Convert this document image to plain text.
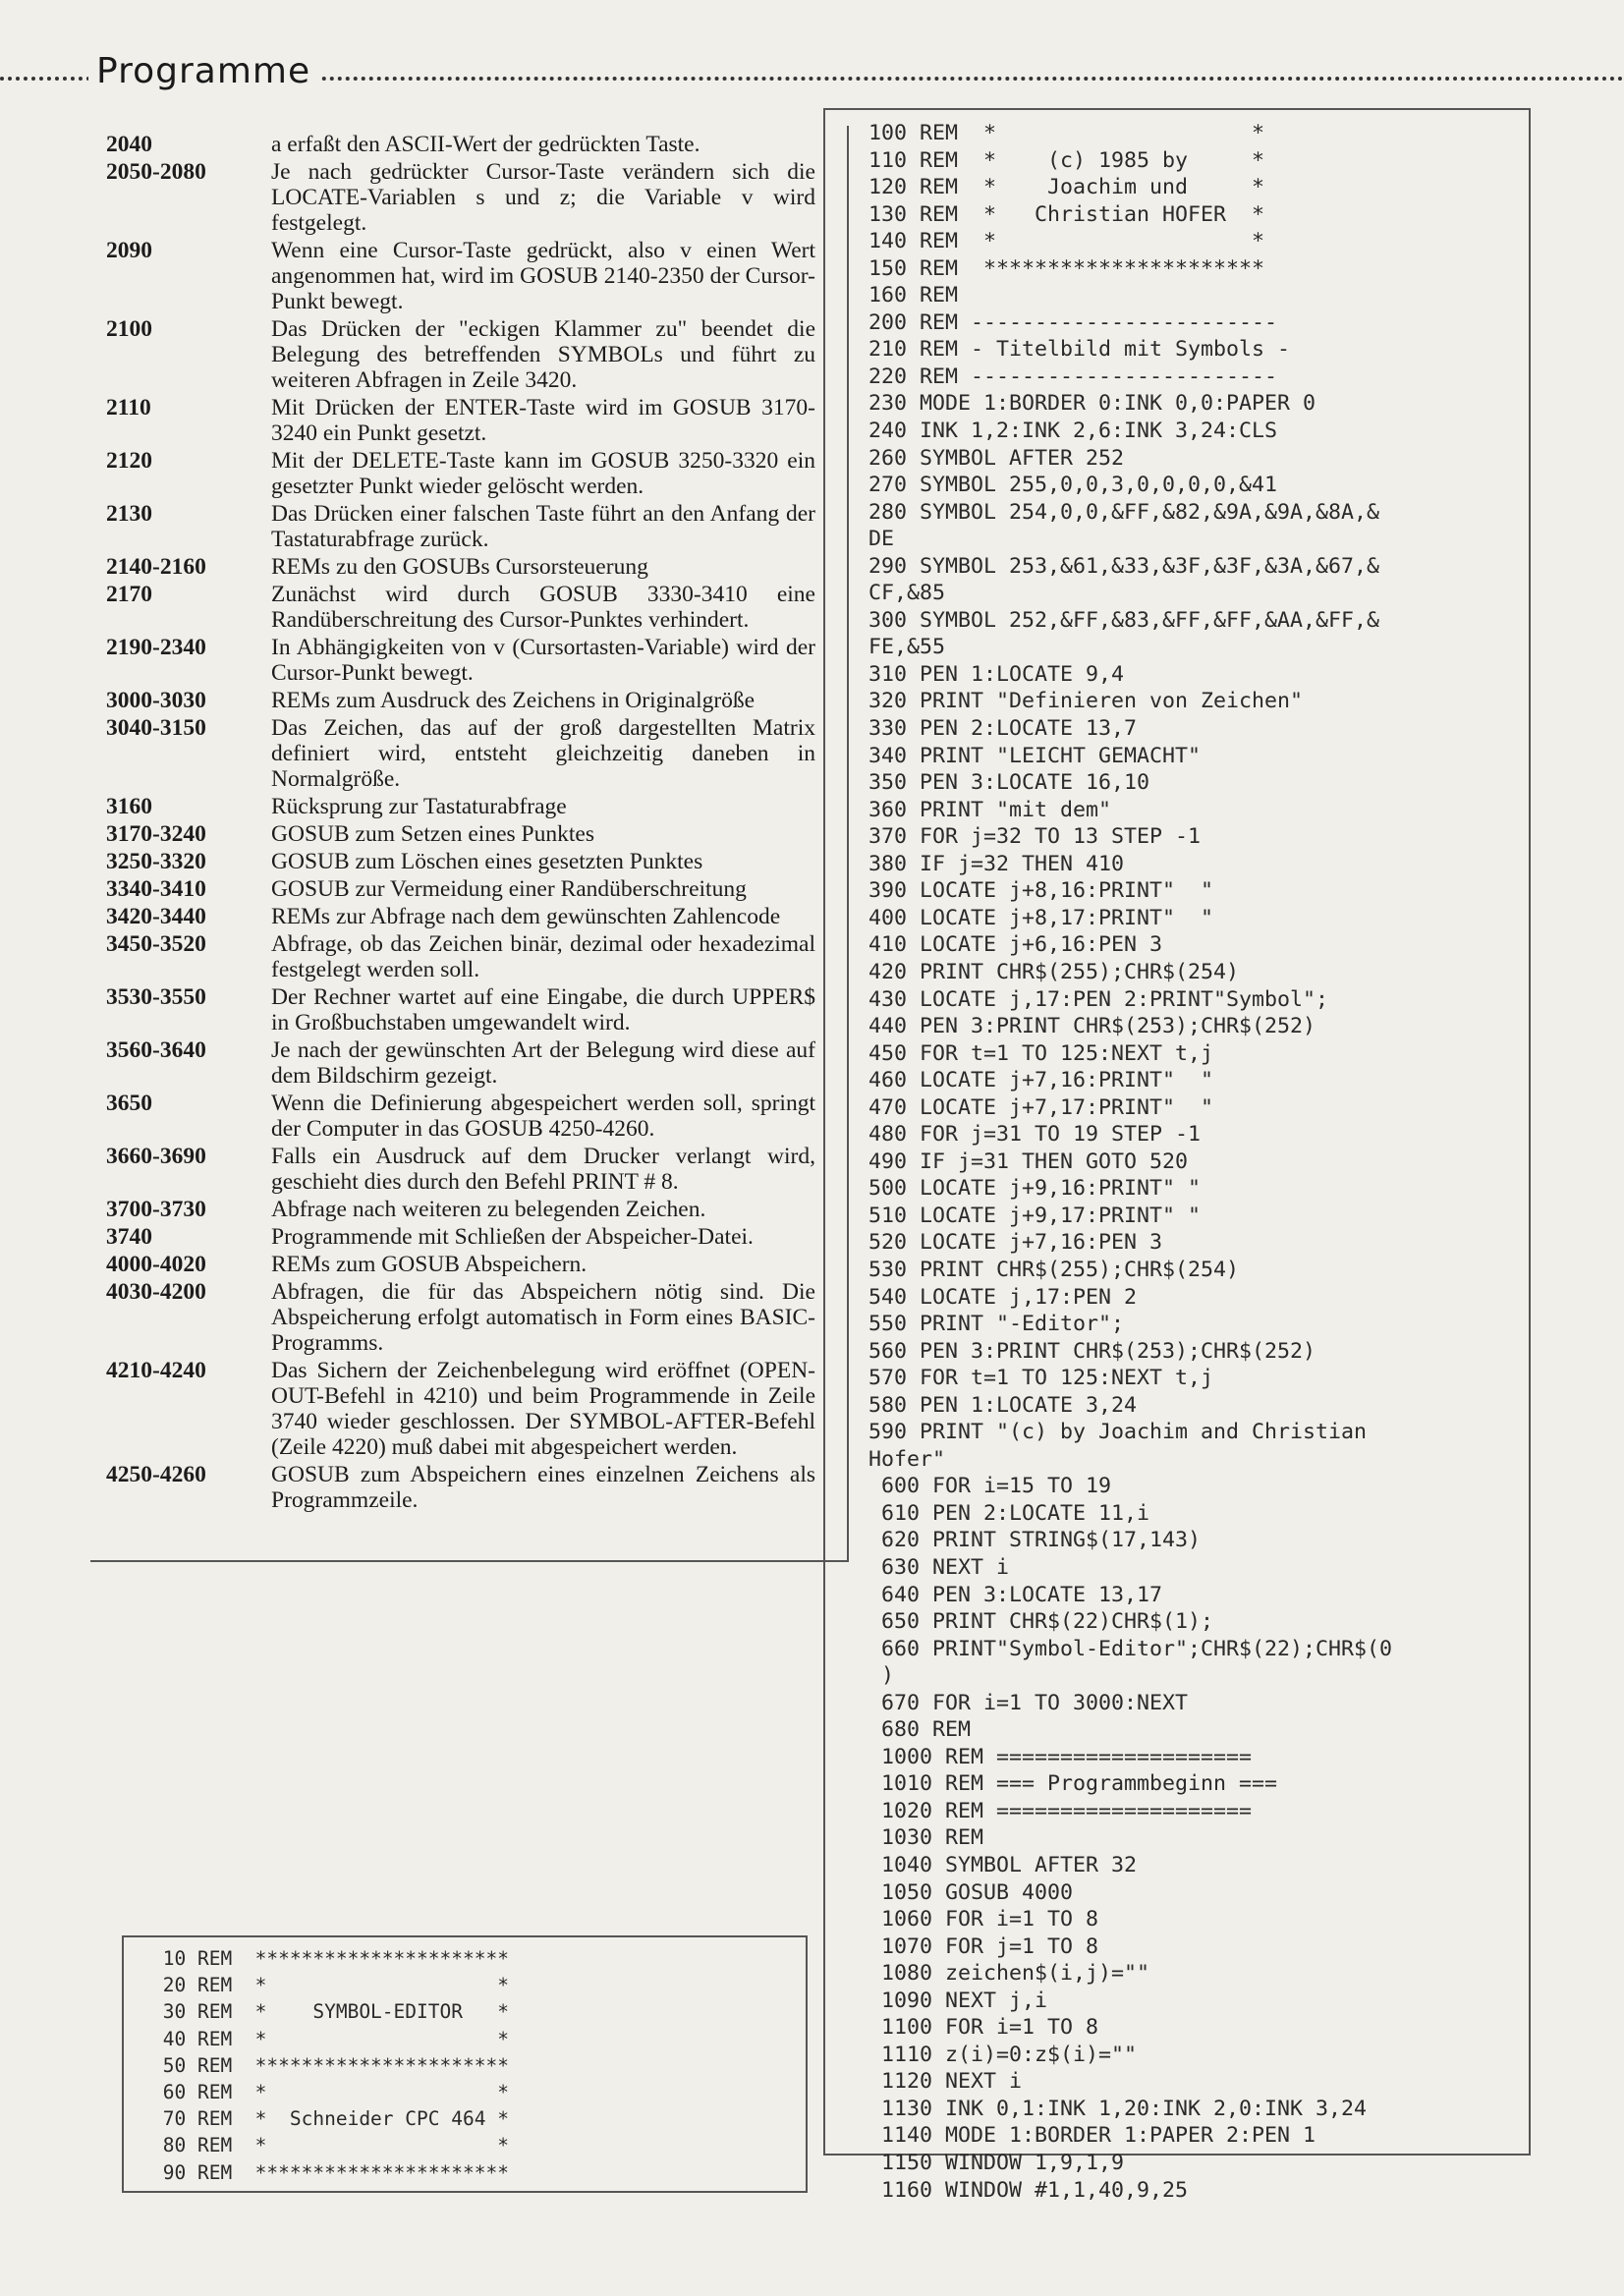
Programme
2040	a erfaßt den ASCII-Wert der gedrückten Taste.
2050-2080	Je nach gedrückter Cursor-Taste verändern sich die LOCATE-Variablen s und z; die Variable v wird festgelegt.
2090	Wenn eine Cursor-Taste gedrückt, also v einen Wert angenommen hat, wird im GOSUB 2140-2350 der Cursor-Punkt bewegt.
2100	Das Drücken der "eckigen Klammer zu" beendet die Belegung des betreffenden SYMBOLs und führt zu weiteren Abfragen in Zeile 3420.
2110	Mit Drücken der ENTER-Taste wird im GOSUB 3170-3240 ein Punkt gesetzt.
2120	Mit der DELETE-Taste kann im GOSUB 3250-3320 ein gesetzter Punkt wieder gelöscht werden.
2130	Das Drücken einer falschen Taste führt an den Anfang der Tastaturabfrage zurück.
2140-2160	REMs zu den GOSUBs Cursorsteuerung
2170	Zunächst wird durch GOSUB 3330-3410 eine Randüberschreitung des Cursor-Punktes verhindert.
2190-2340	In Abhängigkeiten von v (Cursortasten-Variable) wird der Cursor-Punkt bewegt.
3000-3030	REMs zum Ausdruck des Zeichens in Originalgröße
3040-3150	Das Zeichen, das auf der groß dargestellten Matrix definiert wird, entsteht gleichzeitig daneben in Normalgröße.
3160	Rücksprung zur Tastaturabfrage
3170-3240	GOSUB zum Setzen eines Punktes
3250-3320	GOSUB zum Löschen eines gesetzten Punktes
3340-3410	GOSUB zur Vermeidung einer Randüberschreitung
3420-3440	REMs zur Abfrage nach dem gewünschten Zahlencode
3450-3520	Abfrage, ob das Zeichen binär, dezimal oder hexadezimal festgelegt werden soll.
3530-3550	Der Rechner wartet auf eine Eingabe, die durch UPPER$ in Großbuchstaben umgewandelt wird.
3560-3640	Je nach der gewünschten Art der Belegung wird diese auf dem Bildschirm gezeigt.
3650	Wenn die Definierung abgespeichert werden soll, springt der Computer in das GOSUB 4250-4260.
3660-3690	Falls ein Ausdruck auf dem Drucker verlangt wird, geschieht dies durch den Befehl PRINT # 8.
3700-3730	Abfrage nach weiteren zu belegenden Zeichen.
3740	Programmende mit Schließen der Abspeicher-Datei.
4000-4020	REMs zum GOSUB Abspeichern.
4030-4200	Abfragen, die für das Abspeichern nötig sind. Die Abspeicherung erfolgt automatisch in Form eines BASIC-Programms.
4210-4240	Das Sichern der Zeichenbelegung wird eröffnet (OPEN-OUT-Befehl in 4210) und beim Programmende in Zeile 3740 wieder geschlossen. Der SYMBOL-AFTER-Befehl (Zeile 4220) muß dabei mit abgespeichert werden.
4250-4260	GOSUB zum Abspeichern eines einzelnen Zeichens als Programmzeile.
100 REM  *                    *
110 REM  *    (c) 1985 by     *
120 REM  *    Joachim und     *
130 REM  *   Christian HOFER  *
140 REM  *                    *
150 REM  **********************
160 REM
200 REM ------------------------
210 REM - Titelbild mit Symbols -
220 REM ------------------------
230 MODE 1:BORDER 0:INK 0,0:PAPER 0
240 INK 1,2:INK 2,6:INK 3,24:CLS
260 SYMBOL AFTER 252
270 SYMBOL 255,0,0,3,0,0,0,0,&41
280 SYMBOL 254,0,0,&FF,&82,&9A,&9A,&8A,&
DE
290 SYMBOL 253,&61,&33,&3F,&3F,&3A,&67,&
CF,&85
300 SYMBOL 252,&FF,&83,&FF,&FF,&AA,&FF,&
FE,&55
310 PEN 1:LOCATE 9,4
320 PRINT "Definieren von Zeichen"
330 PEN 2:LOCATE 13,7
340 PRINT "LEICHT GEMACHT"
350 PEN 3:LOCATE 16,10
360 PRINT "mit dem"
370 FOR j=32 TO 13 STEP -1
380 IF j=32 THEN 410
390 LOCATE j+8,16:PRINT"  "
400 LOCATE j+8,17:PRINT"  "
410 LOCATE j+6,16:PEN 3
420 PRINT CHR$(255);CHR$(254)
430 LOCATE j,17:PEN 2:PRINT"Symbol";
440 PEN 3:PRINT CHR$(253);CHR$(252)
450 FOR t=1 TO 125:NEXT t,j
460 LOCATE j+7,16:PRINT"  "
470 LOCATE j+7,17:PRINT"  "
480 FOR j=31 TO 19 STEP -1
490 IF j=31 THEN GOTO 520
500 LOCATE j+9,16:PRINT" "
510 LOCATE j+9,17:PRINT" "
520 LOCATE j+7,16:PEN 3
530 PRINT CHR$(255);CHR$(254)
540 LOCATE j,17:PEN 2
550 PRINT "-Editor";
560 PEN 3:PRINT CHR$(253);CHR$(252)
570 FOR t=1 TO 125:NEXT t,j
580 PEN 1:LOCATE 3,24
590 PRINT "(c) by Joachim and Christian
Hofer"
600 FOR i=15 TO 19
610 PEN 2:LOCATE 11,i
620 PRINT STRING$(17,143)
630 NEXT i
640 PEN 3:LOCATE 13,17
650 PRINT CHR$(22)CHR$(1);
660 PRINT"Symbol-Editor";CHR$(22);CHR$(0
)
670 FOR i=1 TO 3000:NEXT
680 REM
1000 REM ====================
1010 REM === Programmbeginn ===
1020 REM ====================
1030 REM
1040 SYMBOL AFTER 32
1050 GOSUB 4000
1060 FOR i=1 TO 8
1070 FOR j=1 TO 8
1080 zeichen$(i,j)=""
1090 NEXT j,i
1100 FOR i=1 TO 8
1110 z(i)=0:z$(i)=""
1120 NEXT i
1130 INK 0,1:INK 1,20:INK 2,0:INK 3,24
1140 MODE 1:BORDER 1:PAPER 2:PEN 1
1150 WINDOW 1,9,1,9
1160 WINDOW #1,1,40,9,25
10 REM  **********************
20 REM  *                    *
30 REM  *    SYMBOL-EDITOR   *
40 REM  *                    *
50 REM  **********************
60 REM  *                    *
70 REM  *  Schneider CPC 464 *
80 REM  *                    *
90 REM  **********************
